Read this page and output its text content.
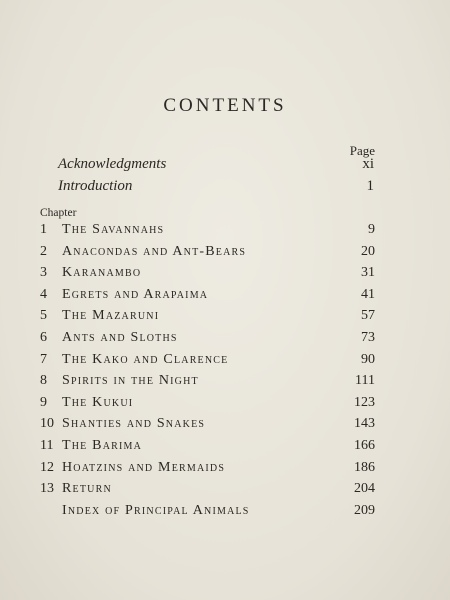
CONTENTS
Page
Acknowledgments	xi
Introduction	1
Chapter
1 The Savannahs	9
2 Anacondas and Ant-Bears	20
3 Karanambo	31
4 Egrets and Arapaima	41
5 The Mazaruni	57
6 Ants and Sloths	73
7 The Kako and Clarence	90
8 Spirits in the Night	111
9 The Kukui	123
10 Shanties and Snakes	143
11 The Barima	166
12 Hoatzins and Mermaids	186
13 Return	204
Index of Principal Animals	209
